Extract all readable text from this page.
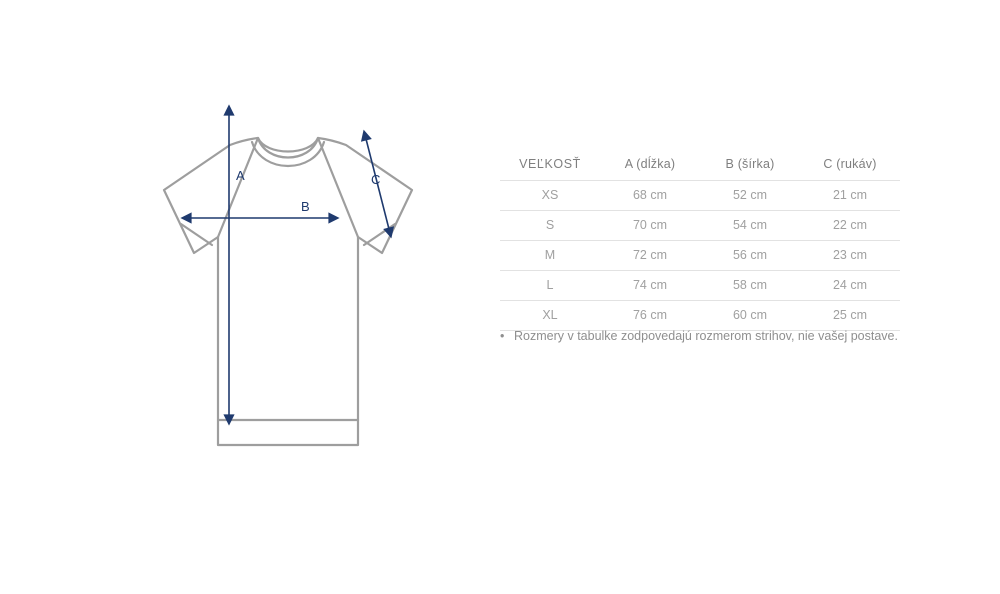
A
B
C
VEĽKOSŤ	A (dĺžka)	B (šírka)	C (rukáv)
XS	68 cm	52 cm	21 cm
S	70 cm	54 cm	22 cm
M	72 cm	56 cm	23 cm
L	74 cm	58 cm	24 cm
XL	76 cm	60 cm	25 cm
• Rozmery v tabulke zodpovedajú rozmerom strihov, nie vašej postave.
